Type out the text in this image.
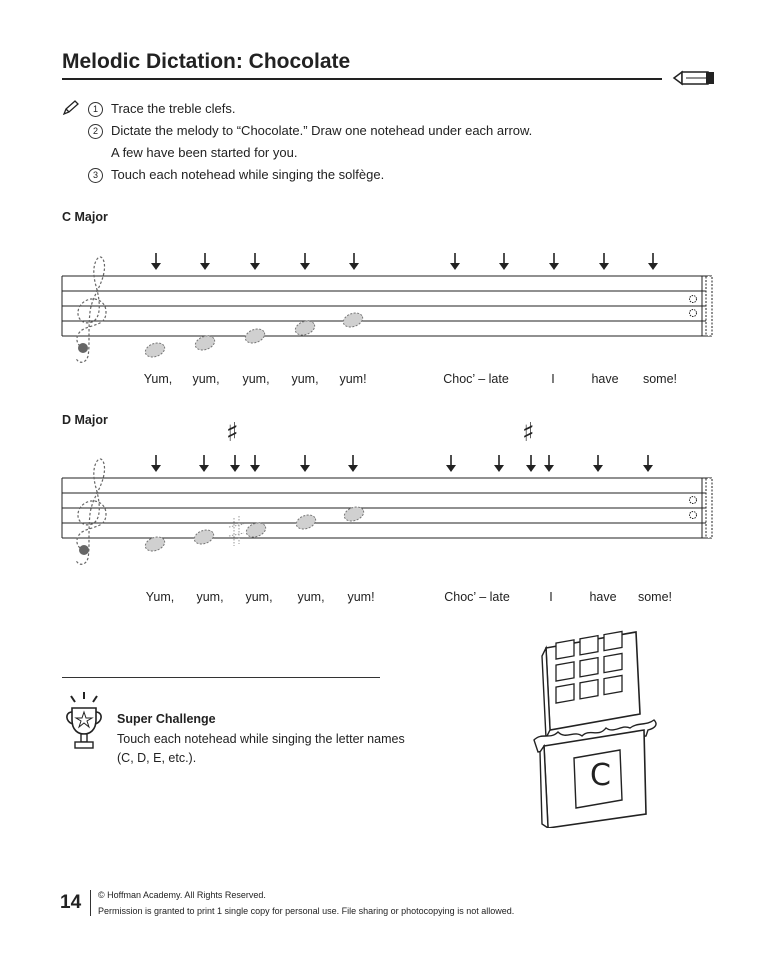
Melodic Dictation: Chocolate
1 Trace the treble clefs.
2 Dictate the melody to “Chocolate.” Draw one notehead under each arrow.
A few have been started for you.
3 Touch each notehead while singing the solfège.
C Major
Yum, yum, yum, yum, yum!	Choc’ – late	I	have some!
D Major	♯	♯
Yum, yum, yum, yum, yum!	Choc’ – late	I	have some!
Super Challenge
Touch each notehead while singing the letter names (C, D, E, etc.).	C
14 © Hoffman Academy. All Rights Reserved.
Permission is granted to print 1 single copy for personal use. File sharing or photocopying is not allowed.
